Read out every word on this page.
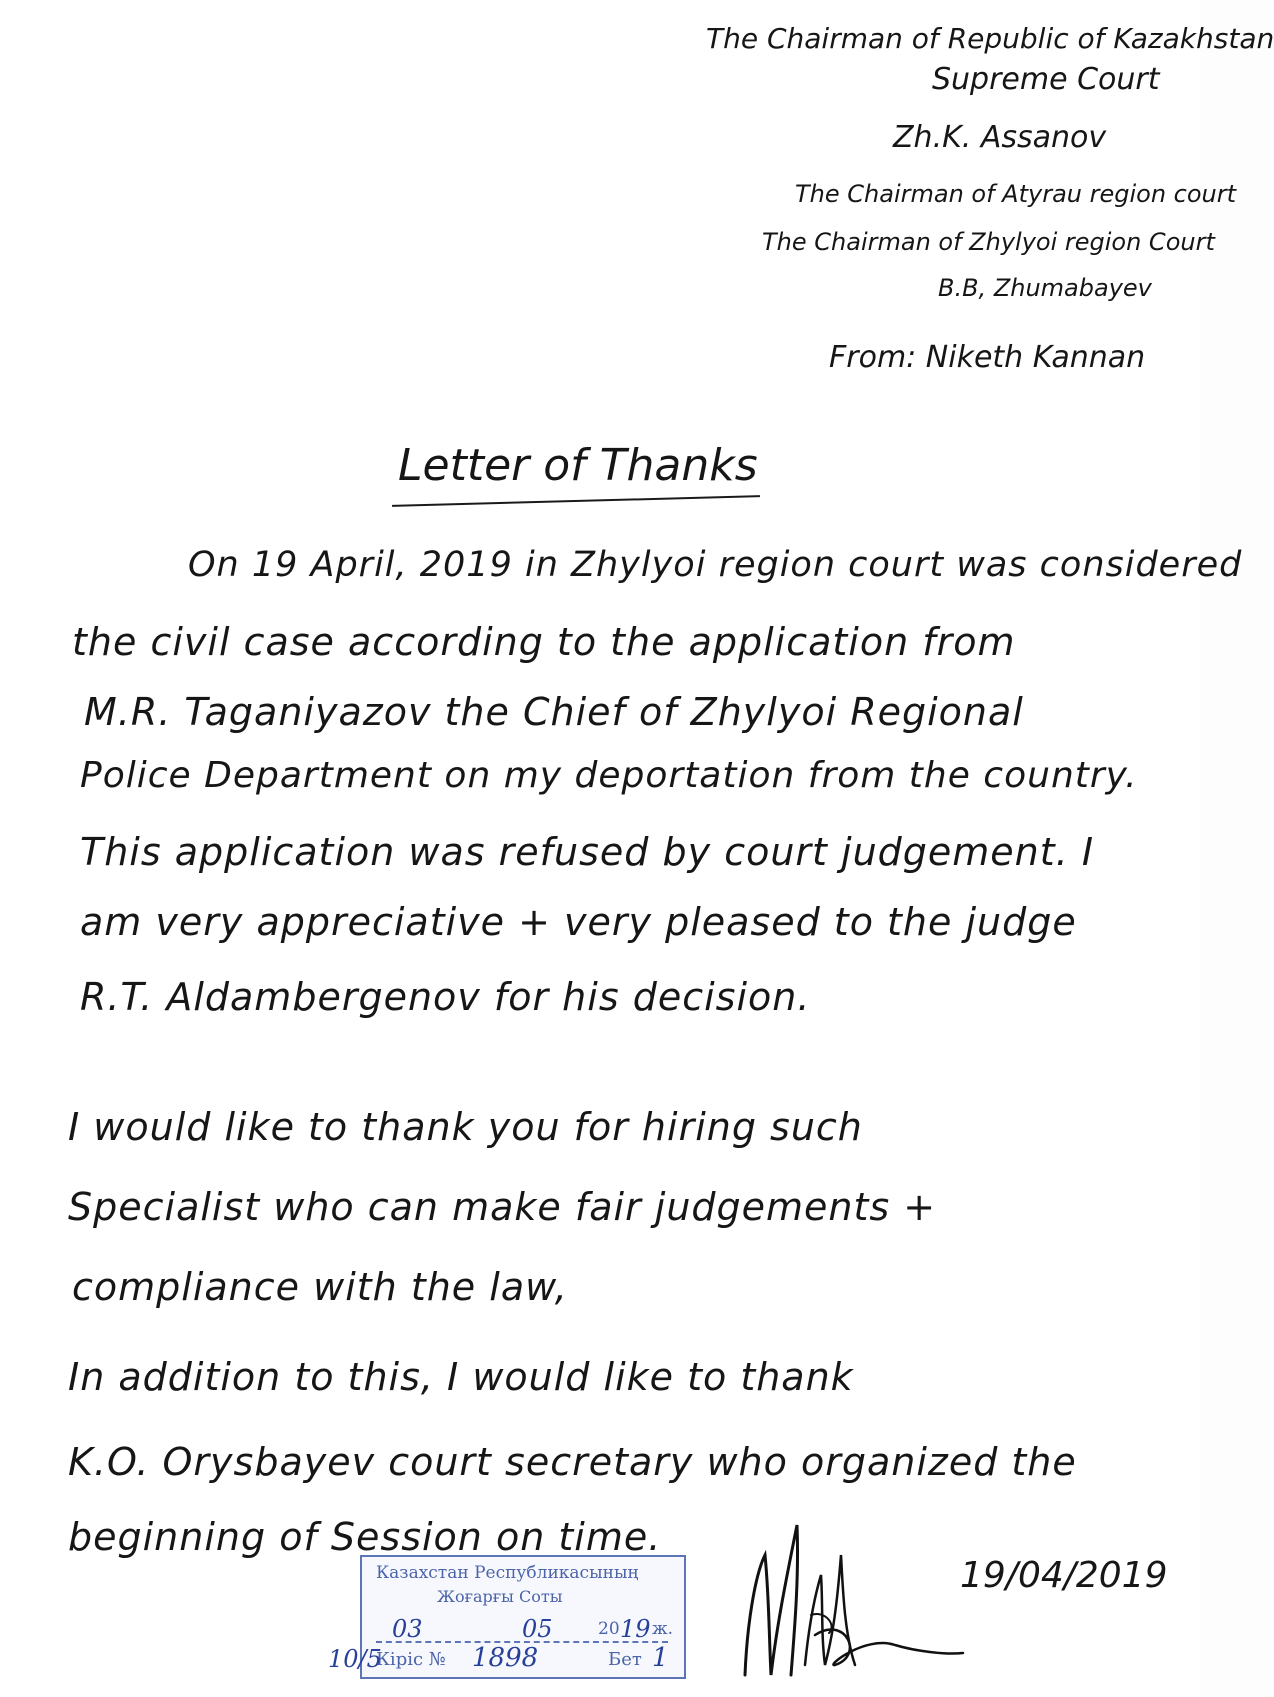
The Chairman of Republic of Kazakhstan
Supreme Court
Zh.K. Assanov
The Chairman of Atyrau region court
The Chairman of Zhylyoi region Court
B.B, Zhumabayev
From: Niketh Kannan
Letter of Thanks
On 19 April, 2019 in Zhylyoi region court was considered
the civil case according to the application from
M.R. Taganiyazov the Chief of Zhylyoi Regional
Police Department on my deportation from the country.
This application was refused by court judgement. I
am very appreciative + very pleased to the judge
R.T. Aldambergenov for his decision.
I would like to thank you for hiring such
Specialist who can make fair judgements +
compliance with the law,
In addition to this, I would like to thank
K.O. Orysbayev court secretary who organized the
beginning of Session on time.
Казахстан Республикасының
Жоғарғы Соты
03	05	20 19 ж.
Кіріс № 1898	Бет 1
10/5
19/04/2019
